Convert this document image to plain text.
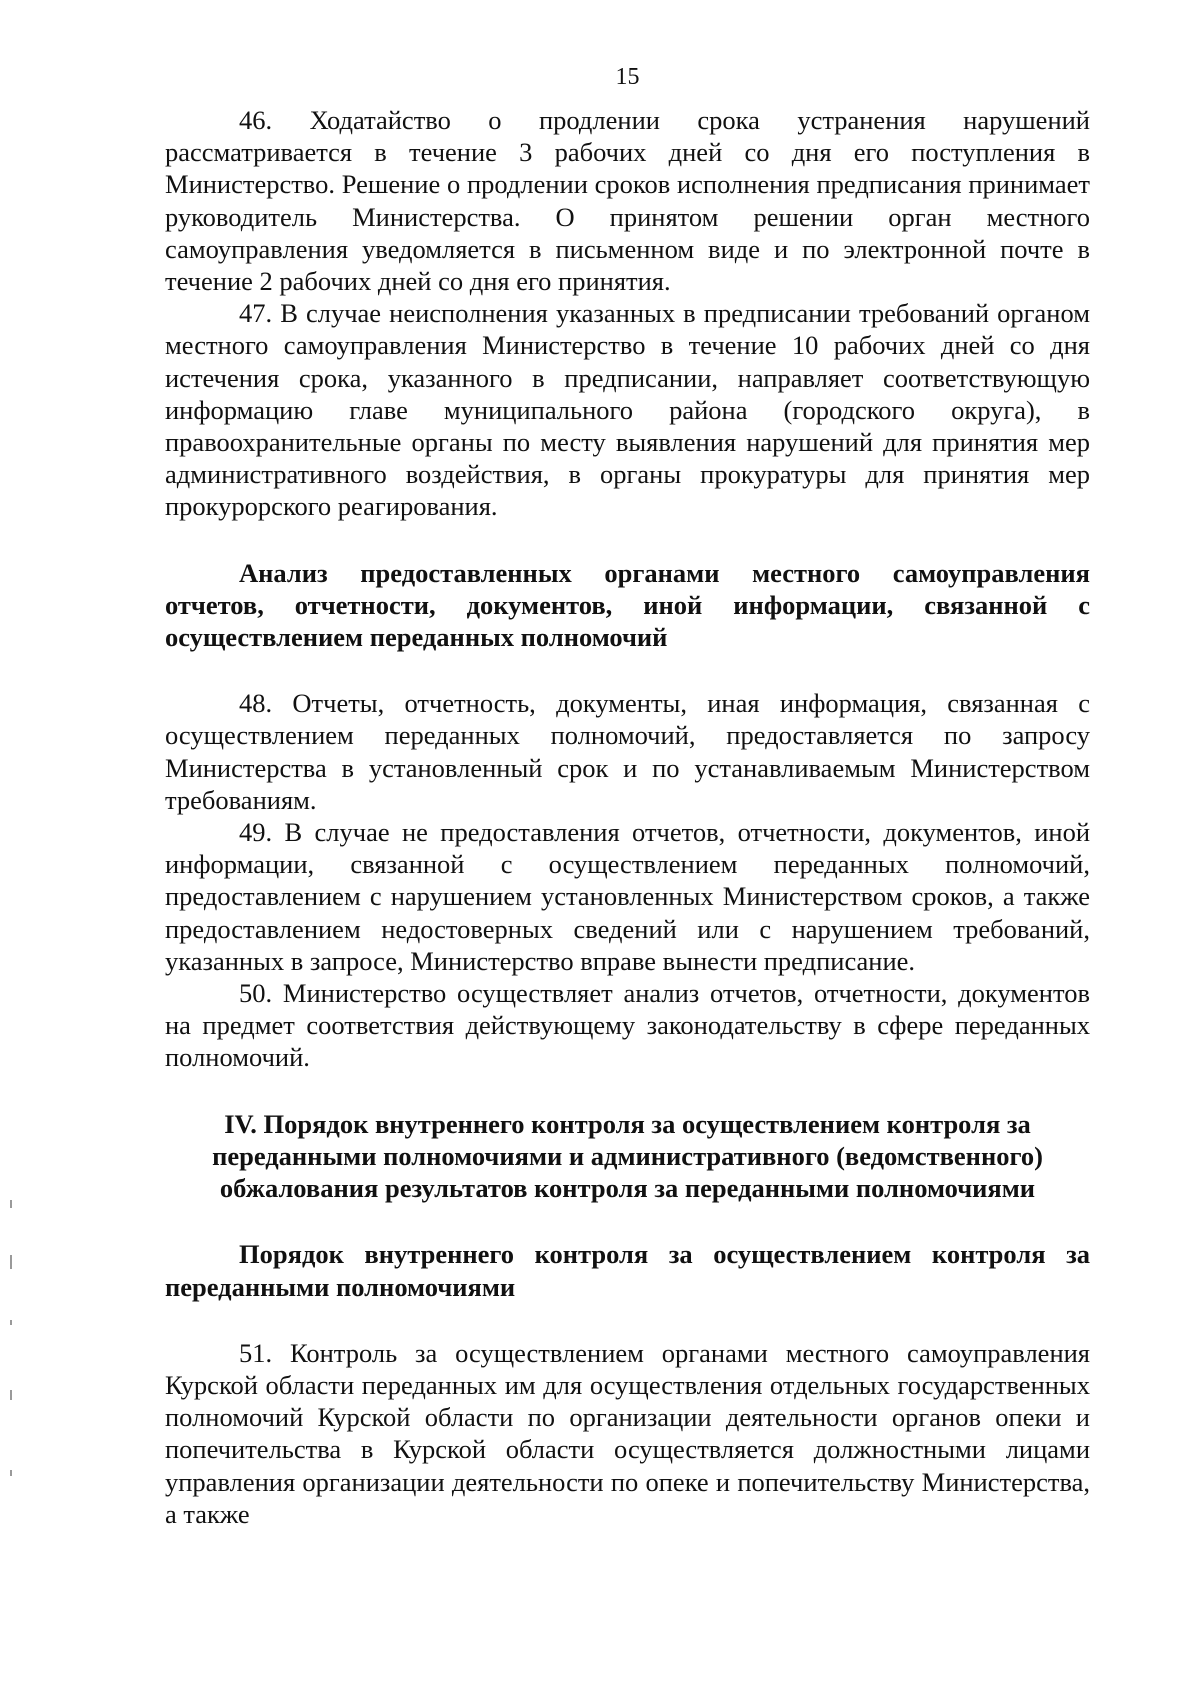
15

46. Ходатайство о продлении срока устранения нарушений рассматривается в течение 3 рабочих дней со дня его поступления в Министерство. Решение о продлении сроков исполнения предписания принимает руководитель Министерства. О принятом решении орган местного самоуправления уведомляется в письменном виде и по электронной почте в течение 2 рабочих дней со дня его принятия.

47. В случае неисполнения указанных в предписании требований органом местного самоуправления Министерство в течение 10 рабочих дней со дня истечения срока, указанного в предписании, направляет соответствующую информацию главе муниципального района (городского округа), в правоохранительные органы по месту выявления нарушений для принятия мер административного воздействия, в органы прокуратуры для принятия мер прокурорского реагирования.

Анализ предоставленных органами местного самоуправления отчетов, отчетности, документов, иной информации, связанной с осуществлением переданных полномочий

48. Отчеты, отчетность, документы, иная информация, связанная с осуществлением переданных полномочий, предоставляется по запросу Министерства в установленный срок и по устанавливаемым Министерством требованиям.

49. В случае не предоставления отчетов, отчетности, документов, иной информации, связанной с осуществлением переданных полномочий, предоставлением с нарушением установленных Министерством сроков, а также предоставлением недостоверных сведений или с нарушением требований, указанных в запросе, Министерство вправе вынести предписание.

50. Министерство осуществляет анализ отчетов, отчетности, документов на предмет соответствия действующему законодательству в сфере переданных полномочий.

IV. Порядок внутреннего контроля за осуществлением контроля за переданными полномочиями и административного (ведомственного) обжалования результатов контроля за переданными полномочиями
Порядок внутреннего контроля за осуществлением контроля за переданными полномочиями

51. Контроль за осуществлением органами местного самоуправления Курской области переданных им для осуществления отдельных государственных полномочий Курской области по организации деятельности органов опеки и попечительства в Курской области осуществляется должностными лицами управления организации деятельности по опеке и попечительству Министерства, а также
